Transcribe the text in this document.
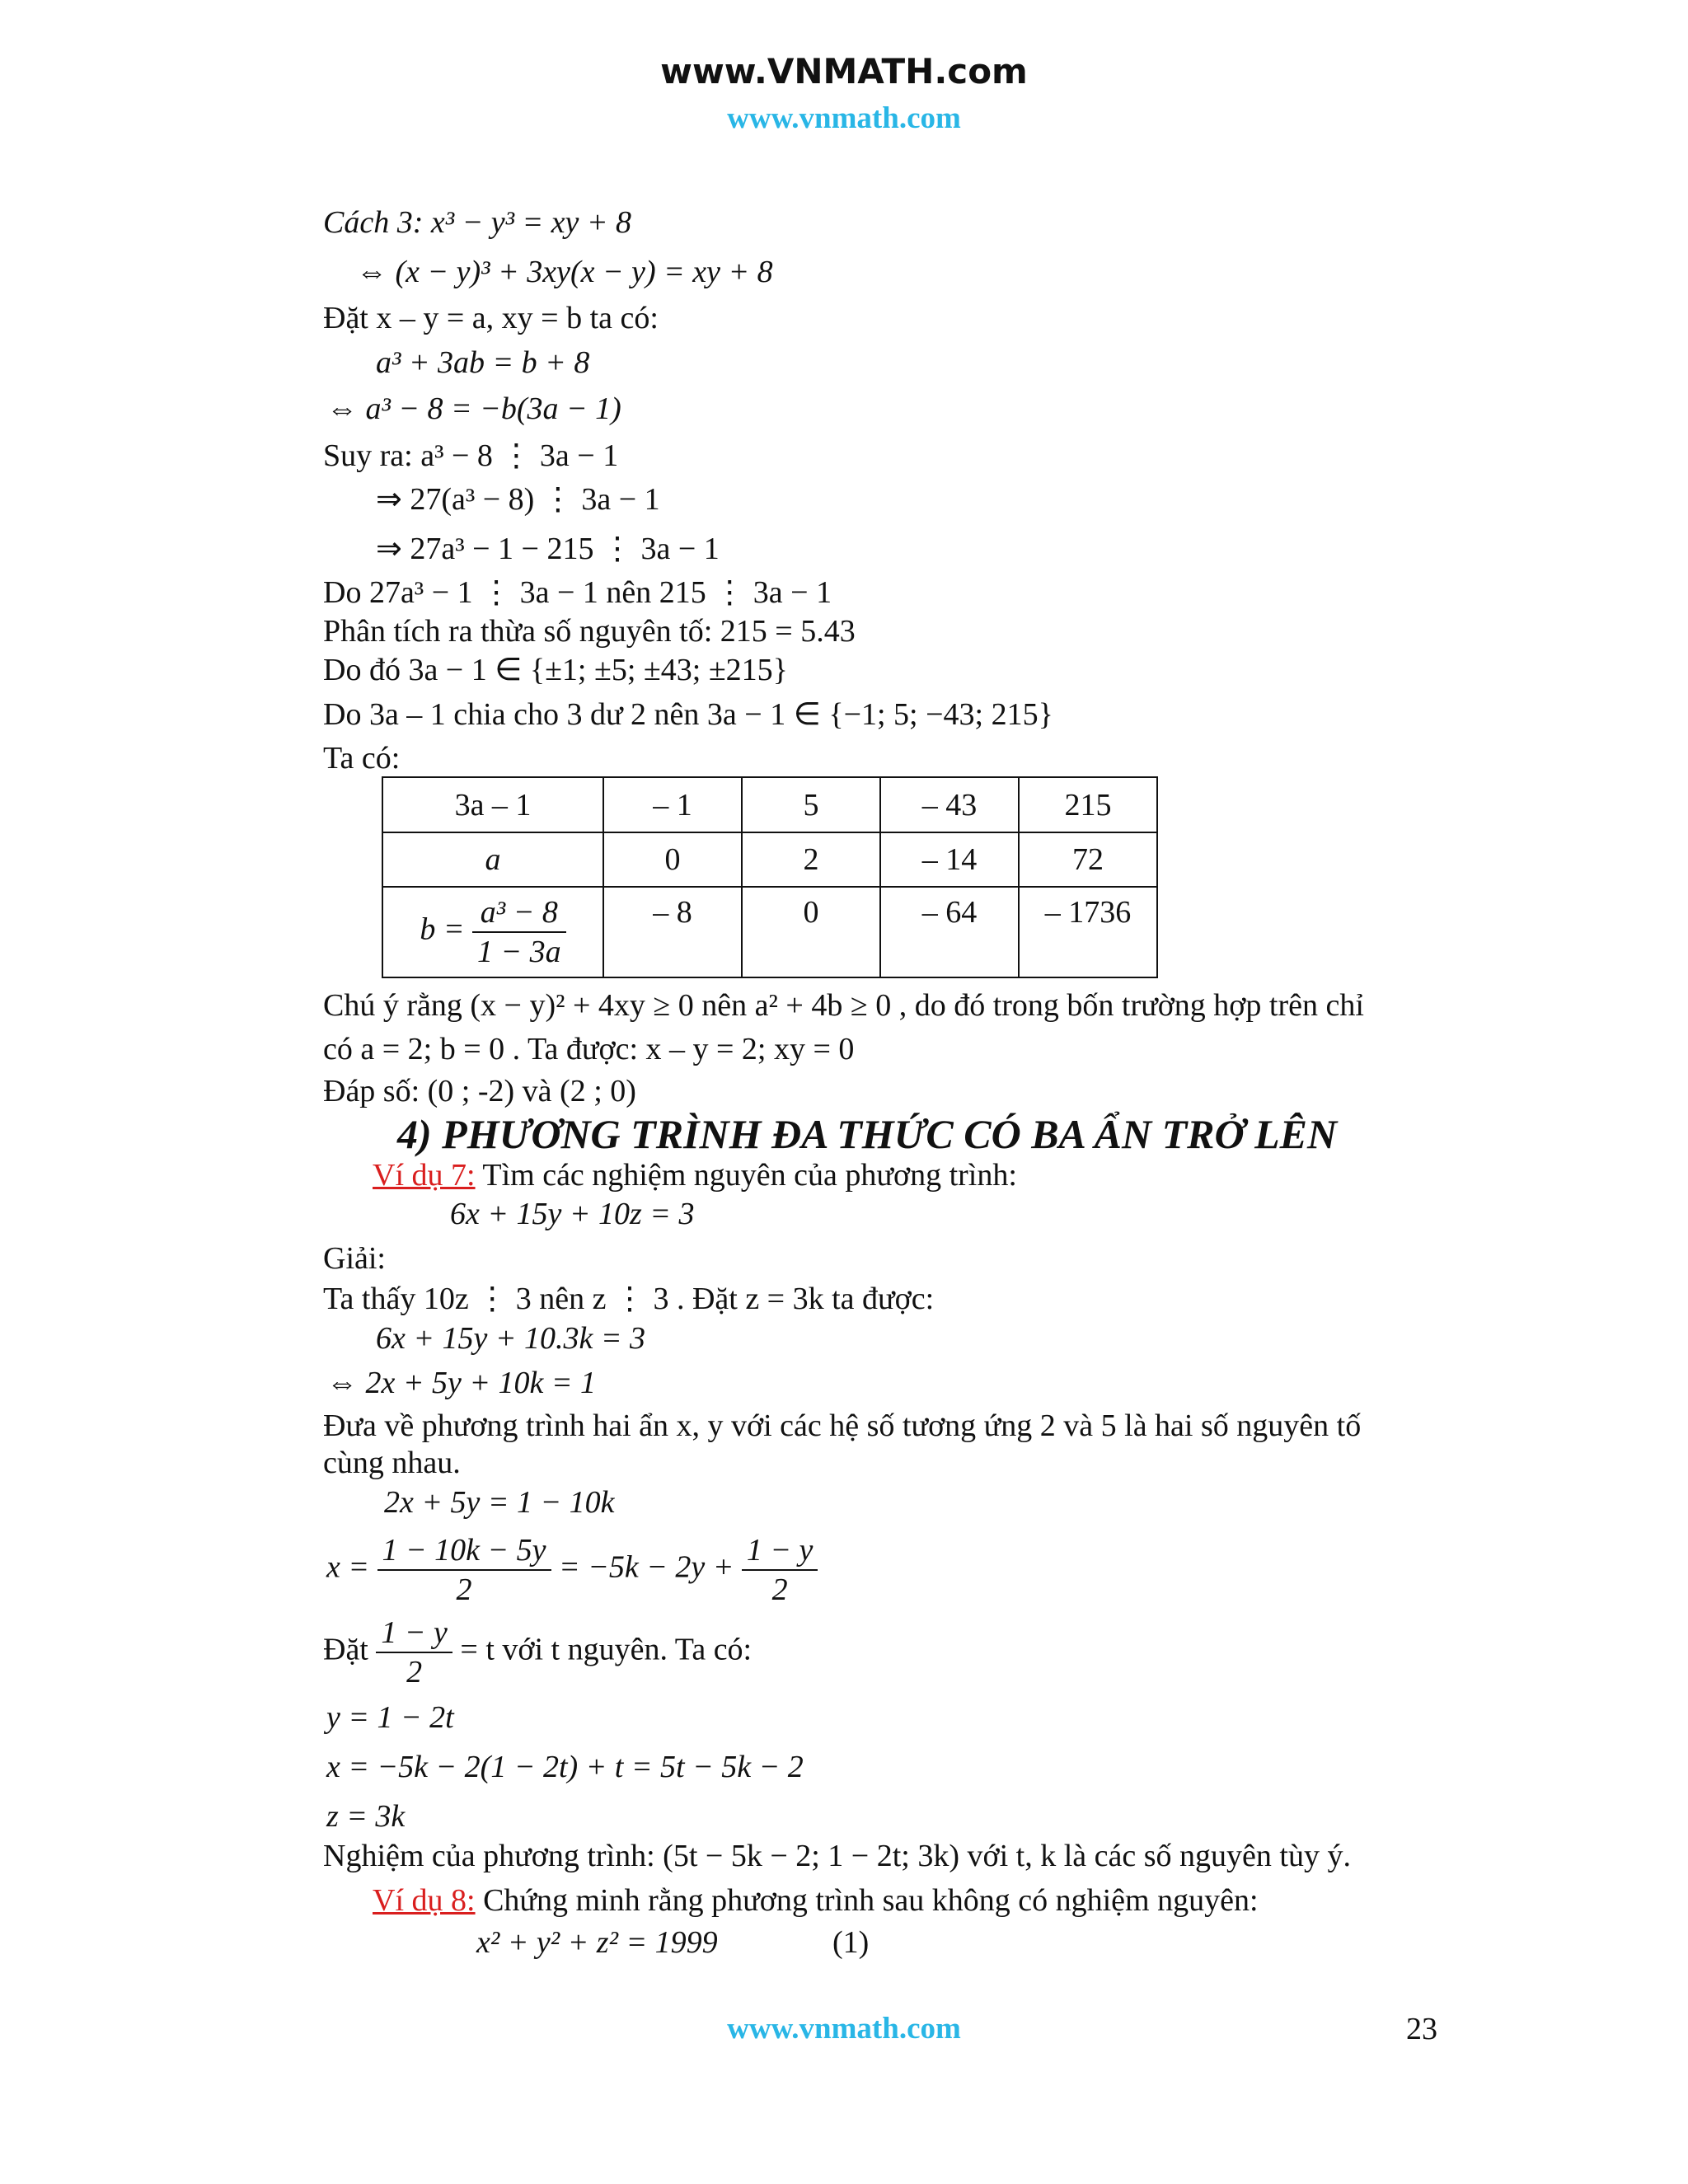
www.VNMATH.com
www.vnmath.com
Cách 3: x³ − y³ = xy + 8
⇔ (x − y)³ + 3xy(x − y) = xy + 8
Đặt x – y = a, xy = b ta có:
a³ + 3ab = b + 8
⇔ a³ − 8 = −b(3a − 1)
Suy ra: a³ − 8 ⋮ 3a − 1
⇒ 27(a³ − 8) ⋮ 3a − 1
⇒ 27a³ − 1 − 215 ⋮ 3a − 1
Do 27a³ − 1 ⋮ 3a − 1 nên 215 ⋮ 3a − 1
Phân tích ra thừa số nguyên tố: 215 = 5.43
Do đó 3a − 1 ∈ {±1; ±5; ±43; ±215}
Do 3a – 1 chia cho 3 dư 2 nên 3a − 1 ∈ {−1; 5; −43; 215}
Ta có:
3a – 1	– 1	5	– 43	215
a	0	2	– 14	72
$b = \frac{\text{a³ − 8}}{1 - 3a}$	– 8	0	– 64	– 1736
Chú ý rằng (x − y)² + 4xy ≥ 0 nên a² + 4b ≥ 0 , do đó trong bốn trường hợp trên chỉ
có a = 2; b = 0 . Ta được: x – y = 2; xy = 0
Đáp số: (0 ; -2) và (2 ; 0)
4) PHƯƠNG TRÌNH ĐA THỨC CÓ BA ẨN TRỞ LÊN
Ví dụ 7: Tìm các nghiệm nguyên của phương trình:
6x + 15y + 10z = 3
Giải:
Ta thấy 10z ⋮ 3 nên z ⋮ 3 . Đặt z = 3k ta được:
6x + 15y + 10.3k = 3
⇔ 2x + 5y + 10k = 1
Đưa về phương trình hai ẩn x, y với các hệ số tương ứng 2 và 5 là hai số nguyên tố
cùng nhau.
2x + 5y = 1 − 10k
$x = \frac{1 - 10k - 5y}{2} = -5k - 2y + \frac{1 - y}{2}$
Đặt $\frac{1 - y}{2} = t$ với t nguyên. Ta có:
y = 1 − 2t
x = −5k − 2(1 − 2t) + t = 5t − 5k − 2
z = 3k
Nghiệm của phương trình: (5t − 5k − 2; 1 − 2t; 3k) với t, k là các số nguyên tùy ý.
Ví dụ 8: Chứng minh rằng phương trình sau không có nghiệm nguyên:
x² + y² + z² = 1999	(1)
www.vnmath.com	23
